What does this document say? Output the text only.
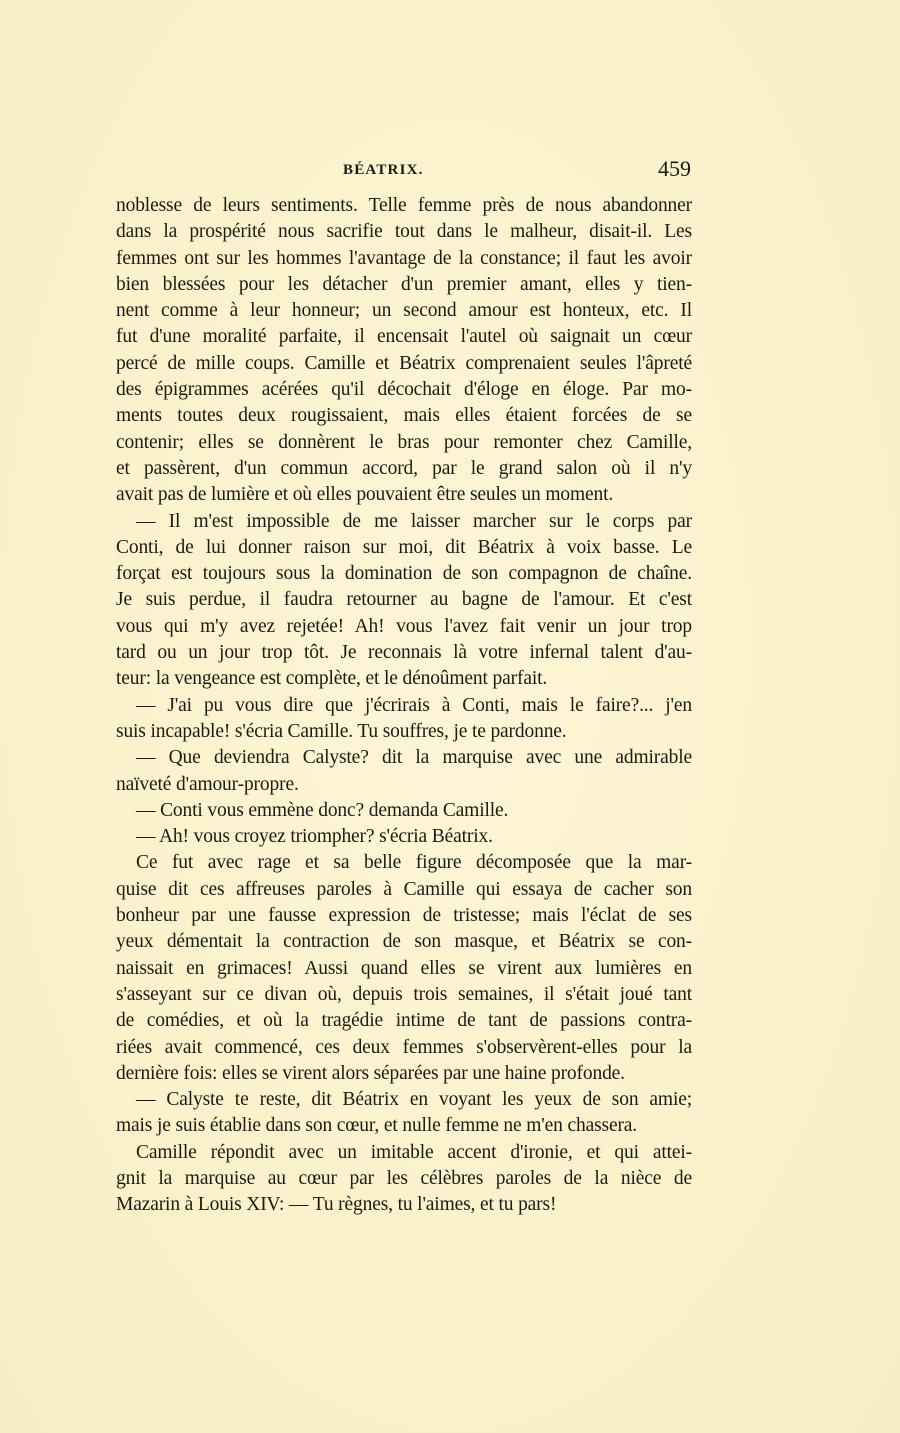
BÉATRIX.	459
noblesse de leurs sentiments. Telle femme près de nous abandonner
dans la prospérité nous sacrifie tout dans le malheur, disait-il. Les
femmes ont sur les hommes l'avantage de la constance; il faut les avoir
bien blessées pour les détacher d'un premier amant, elles y tien-
nent comme à leur honneur; un second amour est honteux, etc. Il
fut d'une moralité parfaite, il encensait l'autel où saignait un cœur
percé de mille coups. Camille et Béatrix comprenaient seules l'âpreté
des épigrammes acérées qu'il décochait d'éloge en éloge. Par mo-
ments toutes deux rougissaient, mais elles étaient forcées de se
contenir; elles se donnèrent le bras pour remonter chez Camille,
et passèrent, d'un commun accord, par le grand salon où il n'y
avait pas de lumière et où elles pouvaient être seules un moment.
— Il m'est impossible de me laisser marcher sur le corps par
Conti, de lui donner raison sur moi, dit Béatrix à voix basse. Le
forçat est toujours sous la domination de son compagnon de chaîne.
Je suis perdue, il faudra retourner au bagne de l'amour. Et c'est
vous qui m'y avez rejetée! Ah! vous l'avez fait venir un jour trop
tard ou un jour trop tôt. Je reconnais là votre infernal talent d'au-
teur: la vengeance est complète, et le dénoûment parfait.
— J'ai pu vous dire que j'écrirais à Conti, mais le faire?... j'en
suis incapable! s'écria Camille. Tu souffres, je te pardonne.
— Que deviendra Calyste? dit la marquise avec une admirable
naïveté d'amour-propre.
— Conti vous emmène donc? demanda Camille.
— Ah! vous croyez triompher? s'écria Béatrix.
Ce fut avec rage et sa belle figure décomposée que la mar-
quise dit ces affreuses paroles à Camille qui essaya de cacher son
bonheur par une fausse expression de tristesse; mais l'éclat de ses
yeux démentait la contraction de son masque, et Béatrix se con-
naissait en grimaces! Aussi quand elles se virent aux lumières en
s'asseyant sur ce divan où, depuis trois semaines, il s'était joué tant
de comédies, et où la tragédie intime de tant de passions contra-
riées avait commencé, ces deux femmes s'observèrent-elles pour la
dernière fois: elles se virent alors séparées par une haine profonde.
— Calyste te reste, dit Béatrix en voyant les yeux de son amie;
mais je suis établie dans son cœur, et nulle femme ne m'en chassera.
Camille répondit avec un imitable accent d'ironie, et qui attei-
gnit la marquise au cœur par les célèbres paroles de la nièce de
Mazarin à Louis XIV: — Tu règnes, tu l'aimes, et tu pars!
